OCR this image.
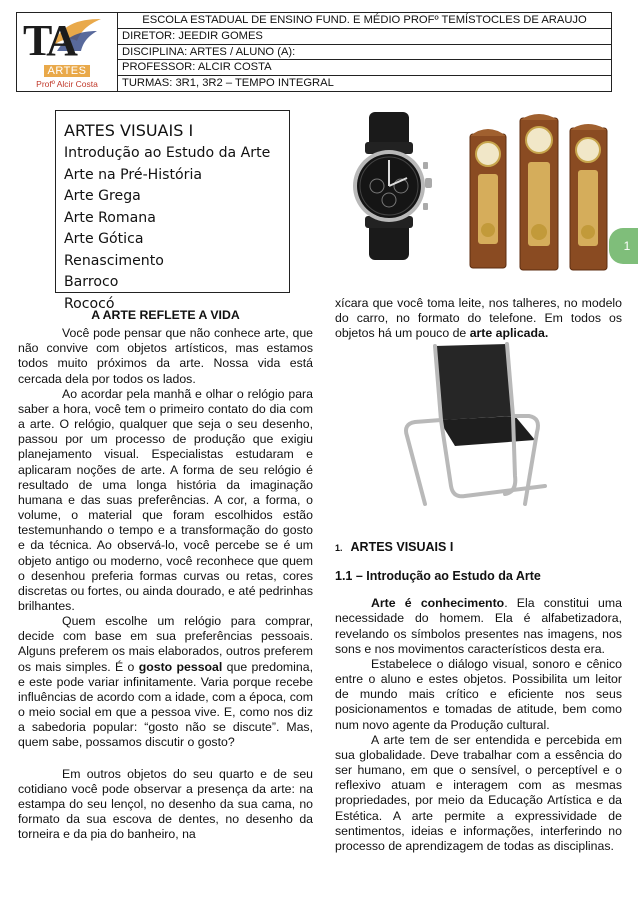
TA
ARTES
Profº Alcir Costa
ESCOLA ESTADUAL DE ENSINO FUND. E MÉDIO PROFº TEMÍSTOCLES DE ARAUJO
DIRETOR: JEEDIR GOMES
DISCIPLINA: ARTES / ALUNO (A):
PROFESSOR: ALCIR COSTA
TURMAS: 3R1, 3R2 – TEMPO INTEGRAL
ARTES VISUAIS I
Introdução ao Estudo da Arte
Arte na Pré-História
Arte Grega
Arte Romana
Arte Gótica
Renascimento
Barroco
Rococó
1
A ARTE REFLETE A VIDA

Você pode pensar que não conhece arte, que não convive com objetos artísticos, mas estamos todos muito próximos da arte. Nossa vida está cercada dela por todos os lados.

Ao acordar pela manhã e olhar o relógio para saber a hora, você tem o primeiro contato do dia com a arte. O relógio, qualquer que seja o seu desenho, passou por um processo de produção que exigiu planejamento visual. Especialistas estudaram e aplicaram noções de arte. A forma de seu relógio é resultado de uma longa história da imaginação humana e das suas preferências. A cor, a forma, o volume, o material que foram escolhidos estão testemunhando o tempo e a transformação do gosto e da técnica. Ao observá-lo, você percebe se é um objeto antigo ou moderno, você reconhece que quem o desenhou preferia formas curvas ou retas, cores discretas ou fortes, ou ainda dourado, e até pedrinhas brilhantes.

Quem escolhe um relógio para comprar, decide com base em sua preferências pessoais. Alguns preferem os mais elaborados, outros preferem os mais simples. É o gosto pessoal que predomina, e este pode variar infinitamente. Varia porque recebe influências de acordo com a idade, com a época, com o meio social em que a pessoa vive. E, como nos diz a sabedoria popular: “gosto não se discute”. Mas, quem sabe, possamos discutir o gosto?

Em outros objetos do seu quarto e de seu cotidiano você pode observar a presença da arte: na estampa do seu lençol, no desenho da sua cama, no formato da sua escova de dentes, no desenho da torneira e da pia do banheiro, na

xícara que você toma leite, nos talheres, no modelo do carro, no formato do telefone. Em todos os objetos há um pouco de arte aplicada.

1. ARTES VISUAIS I
1.1 – Introdução ao Estudo da Arte

Arte é conhecimento. Ela constitui uma necessidade do homem. Ela é alfabetizadora, revelando os símbolos presentes nas imagens, nos sons e nos movimentos característicos desta era.

Estabelece o diálogo visual, sonoro e cênico entre o aluno e estes objetos. Possibilita um leitor de mundo mais crítico e eficiente nos seus posicionamentos e tomadas de atitude, bem como num novo agente da Produção cultural.

A arte tem de ser entendida e percebida em sua globalidade. Deve trabalhar com a essência do ser humano, em que o sensível, o perceptível e o reflexivo atuam e interagem com as mesmas propriedades, por meio da Educação Artística e da Estética. A arte permite a expressividade de sentimentos, ideias e informações, interferindo no processo de aprendizagem de todas as disciplinas.
